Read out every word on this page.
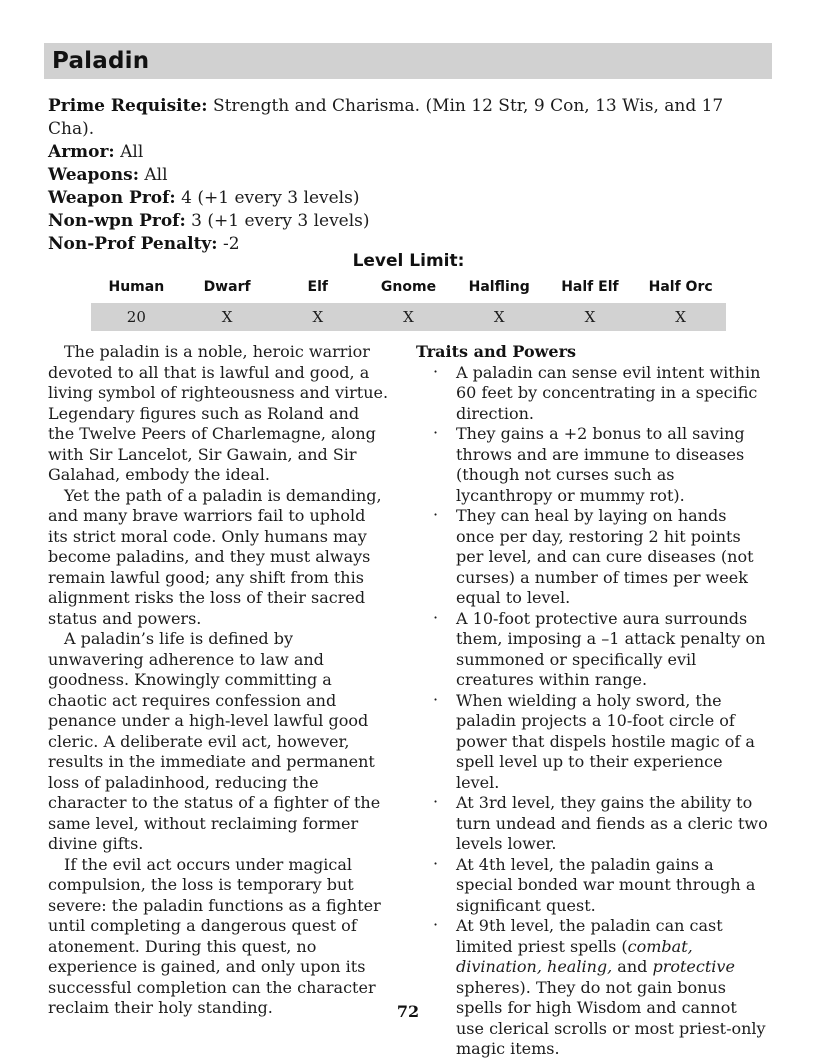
Paladin
Prime Requisite: Strength and Charisma. (Min 12 Str, 9 Con, 13 Wis, and 17 Cha).
Armor: All
Weapons: All
Weapon Prof: 4 (+1 every 3 levels)
Non-wpn Prof: 3 (+1 every 3 levels)
Non-Prof Penalty: -2
Level Limit:
Human	Dwarf	Elf	Gnome	Halfling	Half Elf	Half Orc
20	X	X	X	X	X	X

The paladin is a noble, heroic warrior devoted to all that is lawful and good, a living symbol of righteousness and virtue. Legendary figures such as Roland and the Twelve Peers of Charlemagne, along with Sir Lancelot, Sir Gawain, and Sir Galahad, embody the ideal.

Yet the path of a paladin is demanding, and many brave warriors fail to uphold its strict moral code. Only humans may become paladins, and they must always remain lawful good; any shift from this alignment risks the loss of their sacred status and powers.

A paladin’s life is defined by unwavering adherence to law and goodness. Knowingly committing a chaotic act requires confession and penance under a high-level lawful good cleric. A deliberate evil act, however, results in the immediate and permanent loss of paladinhood, reducing the character to the status of a fighter of the same level, without reclaiming former divine gifts.

If the evil act occurs under magical compulsion, the loss is temporary but severe: the paladin functions as a fighter until completing a dangerous quest of atonement. During this quest, no experience is gained, and only upon its successful completion can the character reclaim their holy standing.

Traits and Powers
· A paladin can sense evil intent within 60 feet by concentrating in a specific direction.
· They gains a +2 bonus to all saving throws and are immune to diseases (though not curses such as lycanthropy or mummy rot).
· They can heal by laying on hands once per day, restoring 2 hit points per level, and can cure diseases (not curses) a number of times per week equal to level.
· A 10-foot protective aura surrounds them, imposing a –1 attack penalty on summoned or specifically evil creatures within range.
· When wielding a holy sword, the paladin projects a 10-foot circle of power that dispels hostile magic of a spell level up to their experience level.
· At 3rd level, they gains the ability to turn undead and fiends as a cleric two levels lower.
· At 4th level, the paladin gains a special bonded war mount through a significant quest.
· At 9th level, the paladin can cast limited priest spells (combat, divination, healing, and protective spheres). They do not gain bonus spells for high Wisdom and cannot use clerical scrolls or most priest-only magic items.
72
